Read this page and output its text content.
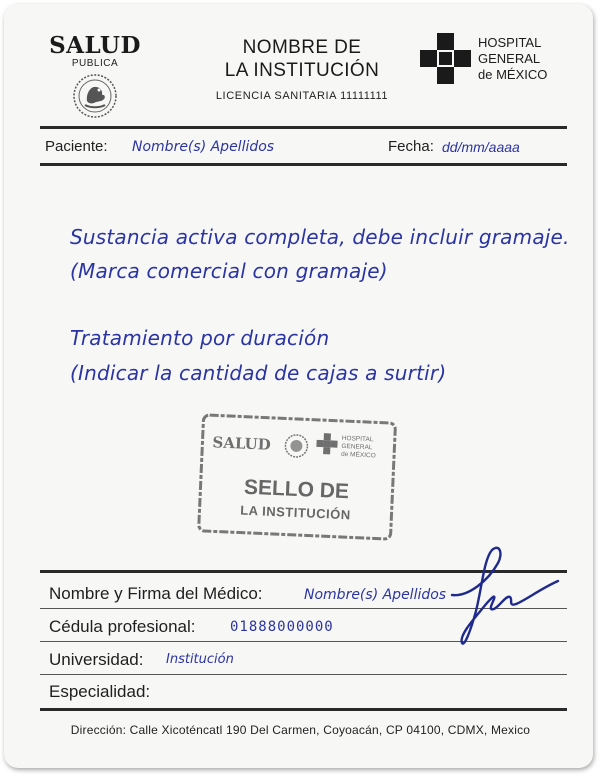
SALUD
PUBLICA
NOMBRE DE
LA INSTITUCIÓN
LICENCIA SANITARIA 11111111
HOSPITAL
GENERAL
de MÉXICO
Paciente: Nombre(s) Apellidos	Fecha: dd/mm/aaaa
Sustancia activa completa, debe incluir gramaje.
(Marca comercial con gramaje)
Tratamiento por duración
(Indicar la cantidad de cajas a surtir)
SALUD	HOSPITAL
GENERAL
de MÉXICO
SELLO DE
LA INSTITUCIÓN
Nombre y Firma del Médico:	Nombre(s) Apellidos
Cédula profesional: 01888000000
Universidad: Institución
Especialidad:
Dirección: Calle Xicoténcatl 190 Del Carmen, Coyoacán, CP 04100, CDMX, Mexico
